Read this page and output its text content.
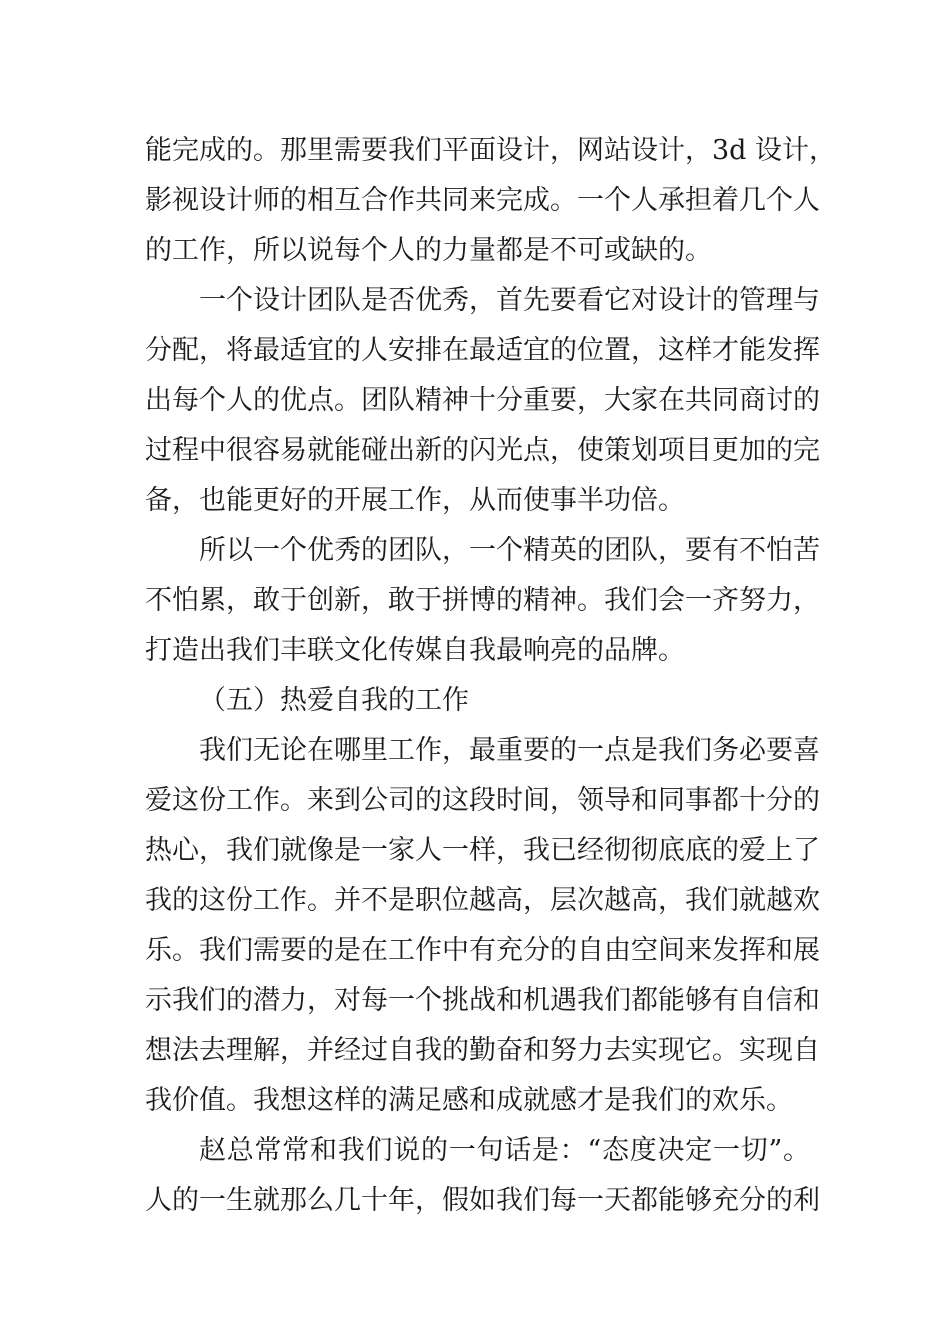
能完成的。那里需要我们平面设计，网站设计，3d 设计，
影视设计师的相互合作共同来完成。一个人承担着几个人
的工作，所以说每个人的力量都是不可或缺的。
一个设计团队是否优秀，首先要看它对设计的管理与
分配，将最适宜的人安排在最适宜的位置，这样才能发挥
出每个人的优点。团队精神十分重要，大家在共同商讨的
过程中很容易就能碰出新的闪光点，使策划项目更加的完
备，也能更好的开展工作，从而使事半功倍。
所以一个优秀的团队，一个精英的团队，要有不怕苦
不怕累，敢于创新，敢于拼博的精神。我们会一齐努力，
打造出我们丰联文化传媒自我最响亮的品牌。
（五）热爱自我的工作
我们无论在哪里工作，最重要的一点是我们务必要喜
爱这份工作。来到公司的这段时间，领导和同事都十分的
热心，我们就像是一家人一样，我已经彻彻底底的爱上了
我的这份工作。并不是职位越高，层次越高，我们就越欢
乐。我们需要的是在工作中有充分的自由空间来发挥和展
示我们的潜力，对每一个挑战和机遇我们都能够有自信和
想法去理解，并经过自我的勤奋和努力去实现它。实现自
我价值。我想这样的满足感和成就感才是我们的欢乐。
赵总常常和我们说的一句话是：“态度决定一切”。
人的一生就那么几十年，假如我们每一天都能够充分的利
